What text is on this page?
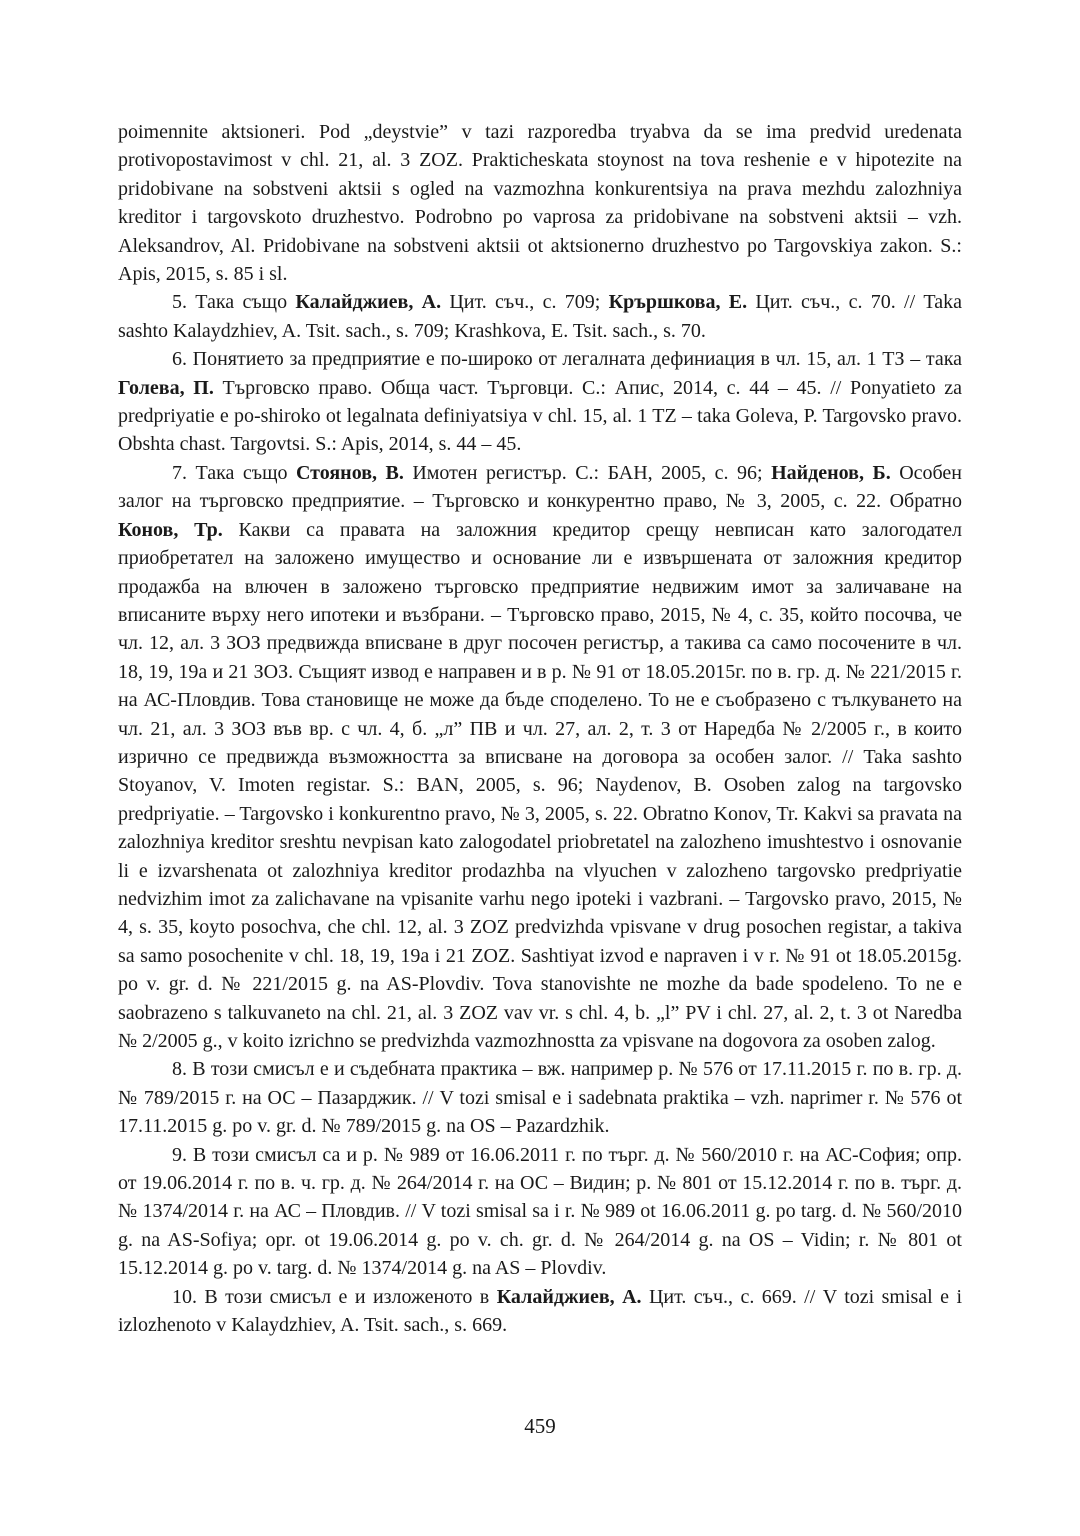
poimennite aktsioneri. Pod „deystvie” v tazi razporedba tryabva da se ima predvid uredenata protivopostavimost v chl. 21, al. 3 ZOZ. Prakticheskata stoynost na tova reshenie e v hipotezite na pridobivane na sobstveni aktsii s ogled na vazmozhna konkurentsiya na prava mezhdu zalozhniya kreditor i targovskoto druzhestvo. Podrobno po vaprosa za pridobivane na sobstveni aktsii – vzh. Aleksandrov, Al. Pridobivane na sobstveni aktsii ot aktsionerno druzhestvo po Targovskiya zakon. S.: Apis, 2015, s. 85 i sl.

5. Така също Калайджиев, А. Цит. съч., с. 709; Крършкова, Е. Цит. съч., с. 70. // Taka sashto Kalaydzhiev, A. Tsit. sach., s. 709; Krashkova, E. Tsit. sach., s. 70.

6. Понятието за предприятие е по-широко от легалната дефиниация в чл. 15, ал. 1 ТЗ – така Голева, П. Търговско право. Обща част. Търговци. С.: Апис, 2014, с. 44 – 45. // Ponyatieto za predpriyatie e po-shiroko ot legalnata definiyatsiya v chl. 15, al. 1 TZ – taka Goleva, P. Targovsko pravo. Obshta chast. Targovtsi. S.: Apis, 2014, s. 44 – 45.

7. Така също Стоянов, В. Имотен регистър. С.: БАН, 2005, с. 96; Найденов, Б. Особен залог на търговско предприятие. – Търговско и конкурентно право, № 3, 2005, с. 22. Обратно Конов, Тр. Какви са правата на заложния кредитор срещу невписан като залогодател приобретател на заложено имущество и основание ли е извършената от заложния кредитор продажба на влючен в заложено търговско предприятие недвижим имот за заличаване на вписаните върху него ипотеки и възбрани. – Търговско право, 2015, № 4, с. 35, който посочва, че чл. 12, ал. 3 ЗОЗ предвижда вписване в друг посочен регистър, а такива са само посочените в чл. 18, 19, 19а и 21 ЗОЗ. Същият извод е направен и в р. № 91 от 18.05.2015г. по в. гр. д. № 221/2015 г. на АС-Пловдив. Това становище не може да бъде споделено. То не е съобразено с тълкуването на чл. 21, ал. 3 ЗОЗ във вр. с чл. 4, б. „л” ПВ и чл. 27, ал. 2, т. 3 от Наредба № 2/2005 г., в които изрично се предвижда възможността за вписване на договора за особен залог. // Taka sashto Stoyanov, V. Imoten registar. S.: BAN, 2005, s. 96; Naydenov, B. Osoben zalog na targovsko predpriyatie. – Targovsko i konkurentno pravo, № 3, 2005, s. 22. Obratno Konov, Tr. Kakvi sa pravata na zalozhniya kreditor sreshtu nevpisan kato zalogodatel priobretatel na zalozheno imushtestvo i osnovanie li e izvarshenata ot zalozhniya kreditor prodazhba na vlyuchen v zalozheno targovsko predpriyatie nedvizhim imot za zalichavane na vpisanite varhu nego ipoteki i vazbrani. – Targovsko pravo, 2015, № 4, s. 35, koyto posochva, che chl. 12, al. 3 ZOZ predvizhda vpisvane v drug posochen registar, a takiva sa samo posochenite v chl. 18, 19, 19a i 21 ZOZ. Sashtiyat izvod e napraven i v r. № 91 ot 18.05.2015g. po v. gr. d. № 221/2015 g. na AS-Plovdiv. Tova stanovishte ne mozhe da bade spodeleno. To ne e saobrazeno s talkuvaneto na chl. 21, al. 3 ZOZ vav vr. s chl. 4, b. „l” PV i chl. 27, al. 2, t. 3 ot Naredba № 2/2005 g., v koito izrichno se predvizhda vazmozhnostta za vpisvane na dogovora za osoben zalog.

8. В този смисъл е и съдебната практика – вж. например р. № 576 от 17.11.2015 г. по в. гр. д. № 789/2015 г. на ОС – Пазарджик. // V tozi smisal e i sadebnata praktika – vzh. naprimer r. № 576 ot 17.11.2015 g. po v. gr. d. № 789/2015 g. na OS – Pazardzhik.

9. В този смисъл са и р. № 989 от 16.06.2011 г. по търг. д. № 560/2010 г. на АС-София; опр. от 19.06.2014 г. по в. ч. гр. д. № 264/2014 г. на ОС – Видин; р. № 801 от 15.12.2014 г. по в. търг. д. № 1374/2014 г. на АС – Пловдив. // V tozi smisal sa i r. № 989 ot 16.06.2011 g. po targ. d. № 560/2010 g. na AS-Sofiya; opr. ot 19.06.2014 g. po v. ch. gr. d. № 264/2014 g. na OS – Vidin; r. № 801 ot 15.12.2014 g. po v. targ. d. № 1374/2014 g. na AS – Plovdiv.

10. В този смисъл е и изложеното в Калайджиев, А. Цит. съч., с. 669. // V tozi smisal e i izlozhenoto v Kalaydzhiev, A. Tsit. sach., s. 669.

459
